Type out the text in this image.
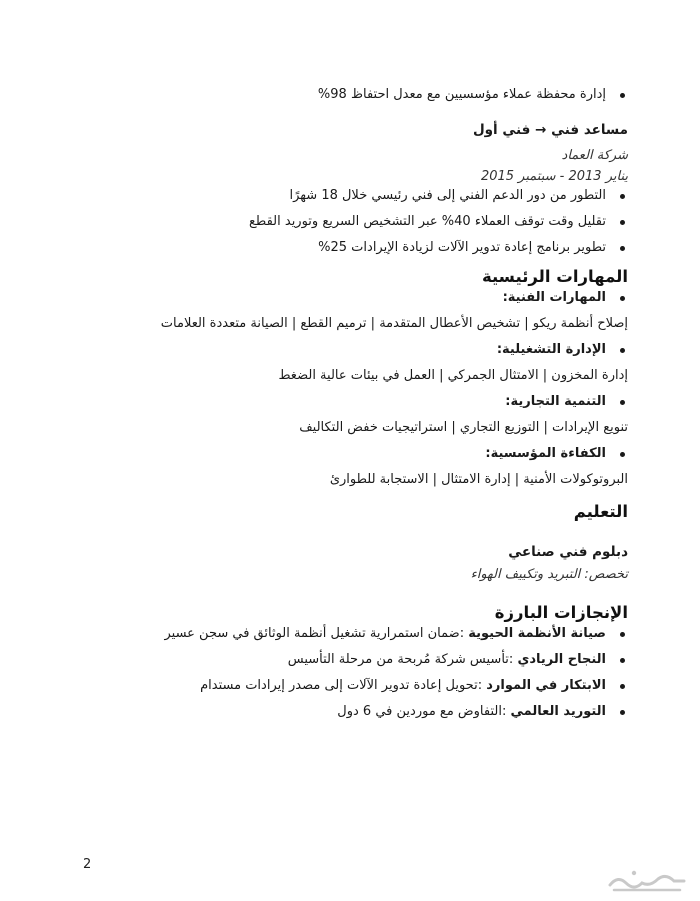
إدارة محفظة عملاء مؤسسيين مع معدل احتفاظ 98%
مساعد فني → فني أول
شركة العماد
يناير 2013 - سبتمبر 2015
التطور من دور الدعم الفني إلى فني رئيسي خلال 18 شهرًا
تقليل وقت توقف العملاء 40% عبر التشخيص السريع وتوريد القطع
تطوير برنامج إعادة تدوير الآلات لزيادة الإيرادات 25%
المهارات الرئيسية
المهارات الفنية:
إصلاح أنظمة ريكو | تشخيص الأعطال المتقدمة | ترميم القطع | الصيانة متعددة العلامات
الإدارة التشغيلية:
إدارة المخزون | الامتثال الجمركي | العمل في بيئات عالية الضغط
التنمية التجارية:
تنويع الإيرادات | التوزيع التجاري | استراتيجيات خفض التكاليف
الكفاءة المؤسسية:
البروتوكولات الأمنية | إدارة الامتثال | الاستجابة للطوارئ
التعليم
دبلوم فني صناعي
تخصص: التبريد وتكييف الهواء
الإنجازات البارزة
صيانة الأنظمة الحيوية :ضمان استمرارية تشغيل أنظمة الوثائق في سجن عسير
النجاح الريادي :تأسيس شركة مُربحة من مرحلة التأسيس
الابتكار في الموارد :تحويل إعادة تدوير الآلات إلى مصدر إيرادات مستدام
التوريد العالمي :التفاوض مع موردين في 6 دول
2
